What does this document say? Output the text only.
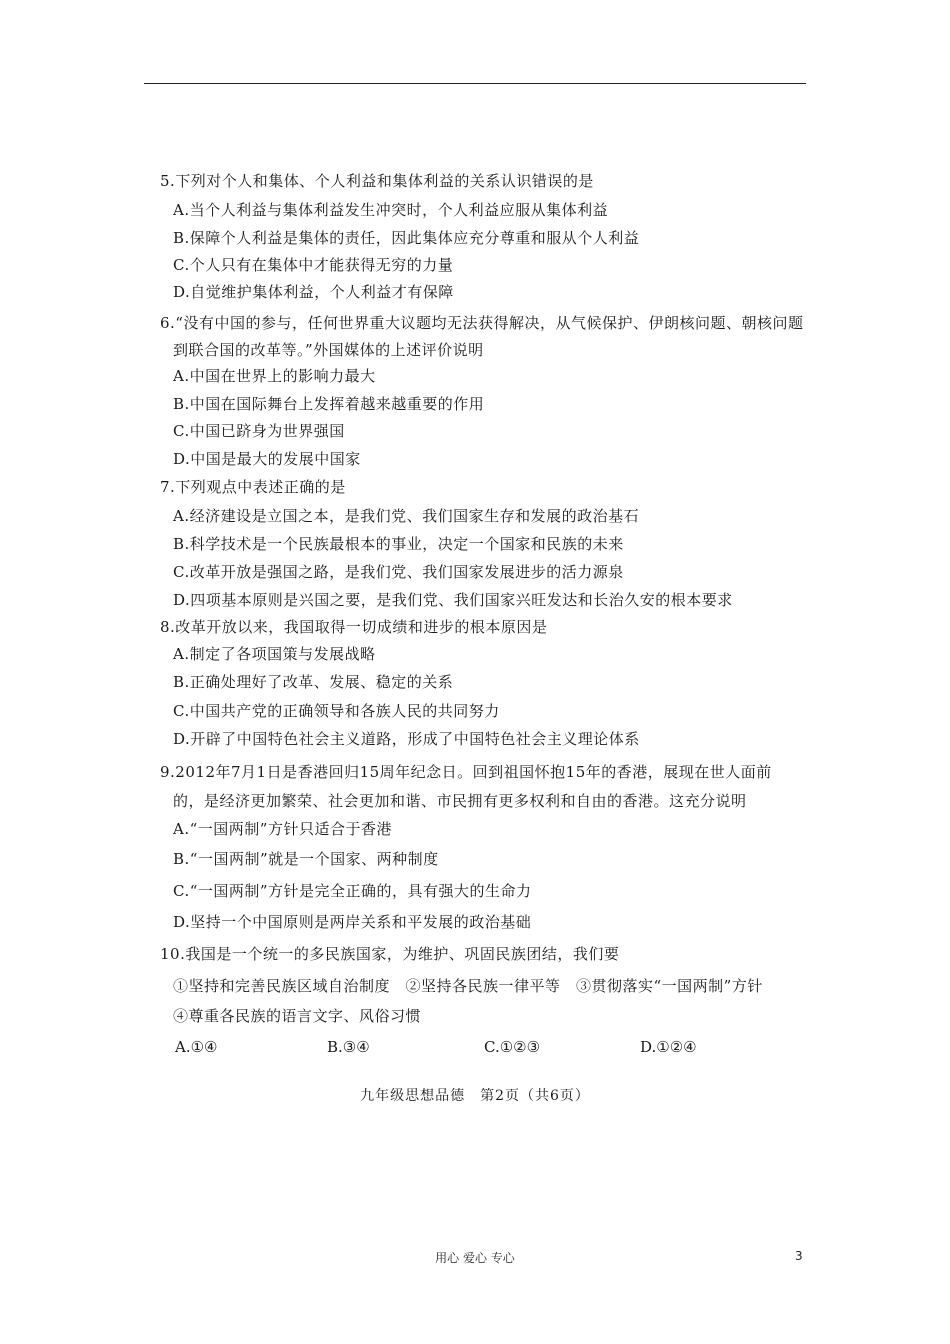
5.下列对个人和集体、个人利益和集体利益的关系认识错误的是
A.当个人利益与集体利益发生冲突时，个人利益应服从集体利益
B.保障个人利益是集体的责任，因此集体应充分尊重和服从个人利益
C.个人只有在集体中才能获得无穷的力量
D.自觉维护集体利益，个人利益才有保障
6.“没有中国的参与，任何世界重大议题均无法获得解决，从气候保护、伊朗核问题、朝核问题
到联合国的改革等。”外国媒体的上述评价说明
A.中国在世界上的影响力最大
B.中国在国际舞台上发挥着越来越重要的作用
C.中国已跻身为世界强国
D.中国是最大的发展中国家
7.下列观点中表述正确的是
A.经济建设是立国之本，是我们党、我们国家生存和发展的政治基石
B.科学技术是一个民族最根本的事业，决定一个国家和民族的未来
C.改革开放是强国之路，是我们党、我们国家发展进步的活力源泉
D.四项基本原则是兴国之要，是我们党、我们国家兴旺发达和长治久安的根本要求
8.改革开放以来，我国取得一切成绩和进步的根本原因是
A.制定了各项国策与发展战略
B.正确处理好了改革、发展、稳定的关系
C.中国共产党的正确领导和各族人民的共同努力
D.开辟了中国特色社会主义道路，形成了中国特色社会主义理论体系
9.2012年7月1日是香港回归15周年纪念日。回到祖国怀抱15年的香港，展现在世人面前
的，是经济更加繁荣、社会更加和谐、市民拥有更多权利和自由的香港。这充分说明
A.“一国两制”方针只适合于香港
B.“一国两制”就是一个国家、两种制度
C.“一国两制”方针是完全正确的，具有强大的生命力
D.坚持一个中国原则是两岸关系和平发展的政治基础
10.我国是一个统一的多民族国家，为维护、巩固民族团结，我们要
①坚持和完善民族区域自治制度　②坚持各民族一律平等　③贯彻落实“一国两制”方针
④尊重各民族的语言文字、风俗习惯
A.①④	B.③④	C.①②③	D.①②④
九年级思想品德　第2页（共6页）
用心 爱心 专心	3
